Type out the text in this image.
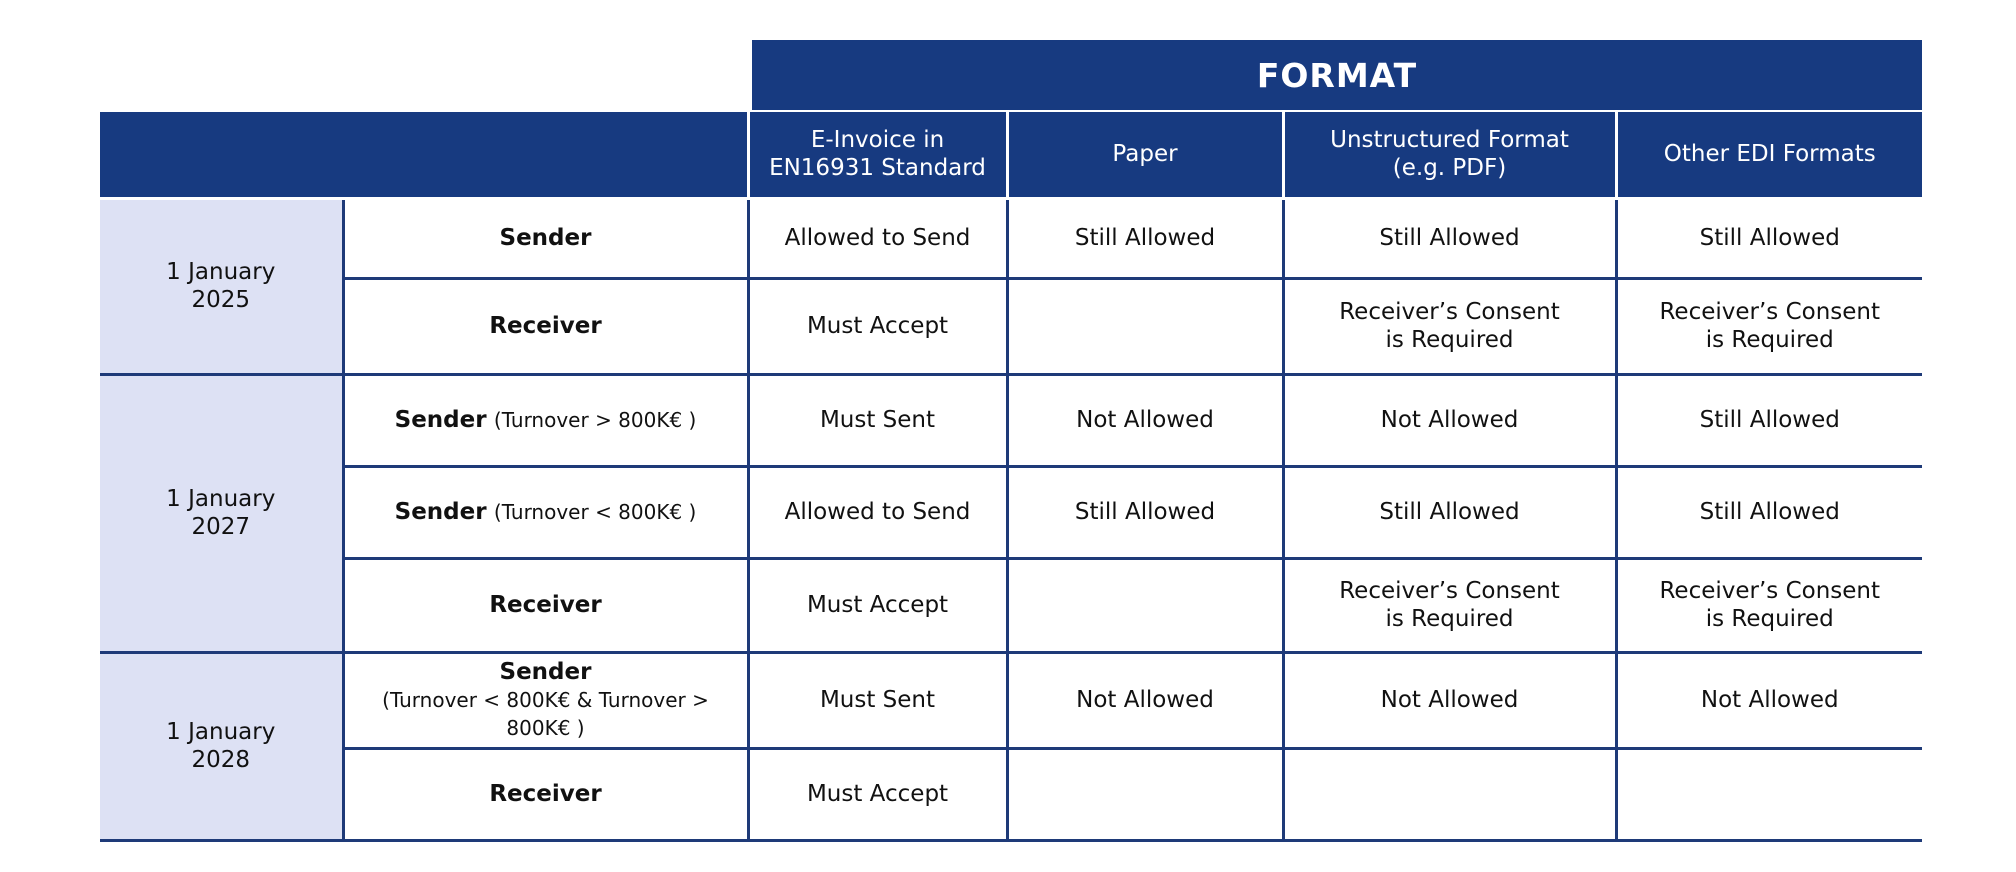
FORMAT
		E-Invoice in
EN16931 Standard	Paper	Unstructured Format
(e.g. PDF)	Other EDI Formats
1 January
2025	Sender	Allowed to Send	Still Allowed	Still Allowed	Still Allowed
	Receiver	Must Accept		Receiver’s Consent
is Required	Receiver’s Consent
is Required
1 January
2027	Sender (Turnover > 800K€ )	Must Sent	Not Allowed	Not Allowed	Still Allowed
	Sender (Turnover < 800K€ )	Allowed to Send	Still Allowed	Still Allowed	Still Allowed
	Receiver	Must Accept		Receiver’s Consent
is Required	Receiver’s Consent
is Required
1 January
2028	Sender
(Turnover < 800K€ & Turnover > 800K€ )	Must Sent	Not Allowed	Not Allowed	Not Allowed
	Receiver	Must Accept			
